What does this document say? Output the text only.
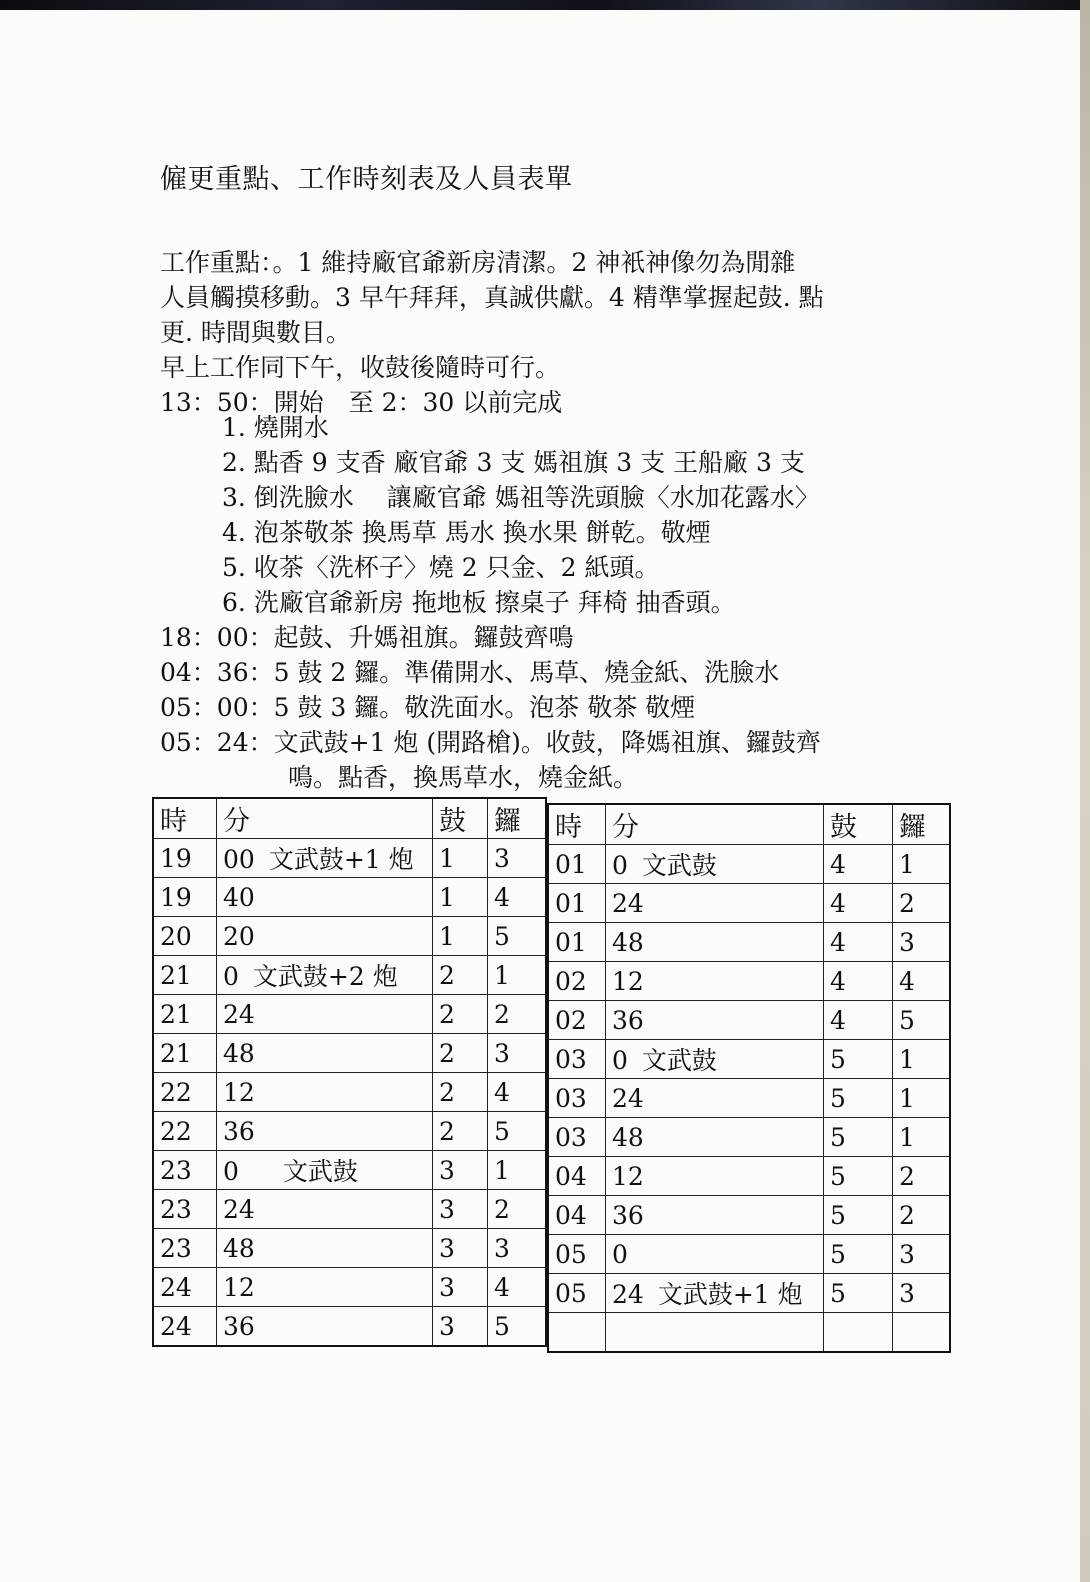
僱更重點、工作時刻表及人員表單
工作重點：。1 維持廠官爺新房清潔。2 神衹神像勿為閒雜
人員觸摸移動。3 早午拜拜，真誠供獻。4 精準掌握起鼓. 點
更. 時間與數目。
早上工作同下午，收鼓後隨時可行。
13：50：開始　至 2：30 以前完成
1. 燒開水
2. 點香 9 支香 廠官爺 3 支 媽祖旗 3 支 王船廠 3 支
3. 倒洗臉水　 讓廠官爺 媽祖等洗頭臉〈水加花露水〉
4. 泡茶敬茶 換馬草 馬水 換水果 餅乾。敬煙
5. 收茶〈洗杯子〉燒 2 只金、2 紙頭。
6. 洗廠官爺新房 拖地板 擦桌子 拜椅 抽香頭。
18：00：起鼓、升媽祖旗。鑼鼓齊鳴
04：36：5 鼓 2 鑼。準備開水、馬草、燒金紙、洗臉水
05：00：5 鼓 3 鑼。敬洗面水。泡茶 敬茶 敬煙
05：24：文武鼓+1 炮 (開路槍)。收鼓，降媽祖旗、鑼鼓齊
鳴。點香，換馬草水，燒金紙。
時	分	鼓	鑼
19	00 文武鼓+1 炮	1	3
19	40	1	4
20	20	1	5
21	0 文武鼓+2 炮	2	1
21	24	2	2
21	48	2	3
22	12	2	4
22	36	2	5
23	0 文武鼓	3	1
23	24	3	2
23	48	3	3
24	12	3	4
24	36	3	5
時	分	鼓	鑼
01	0 文武鼓	4	1
01	24	4	2
01	48	4	3
02	12	4	4
02	36	4	5
03	0 文武鼓	5	1
03	24	5	1
03	48	5	1
04	12	5	2
04	36	5	2
05	0	5	3
05	24 文武鼓+1 炮	5	3
